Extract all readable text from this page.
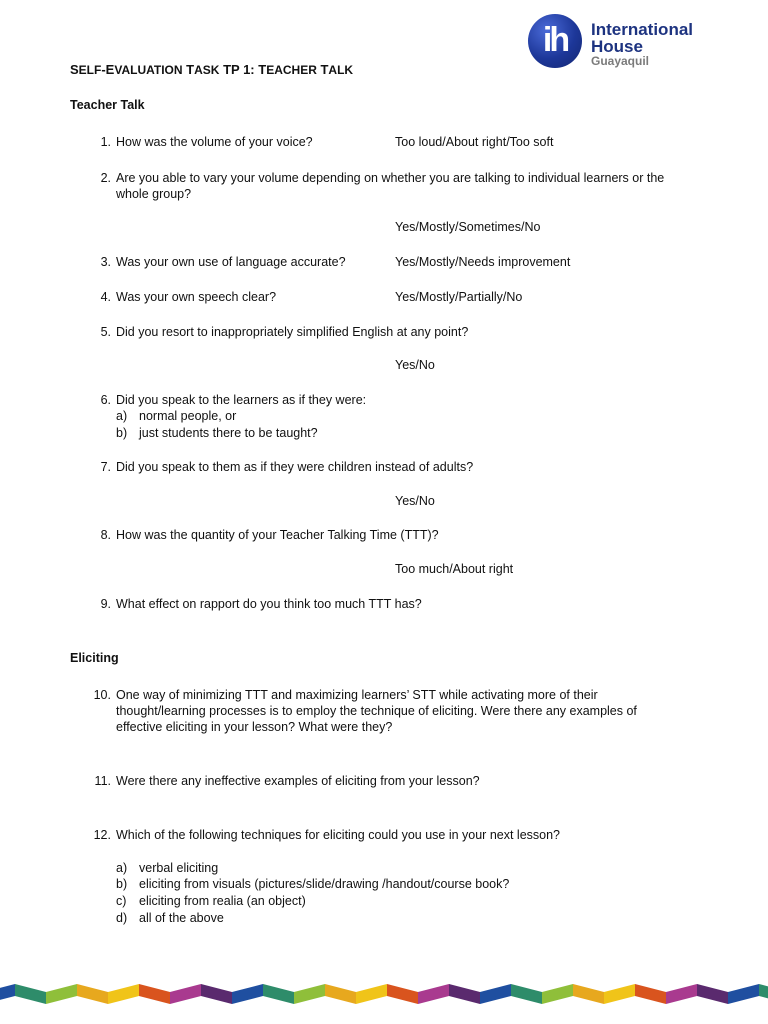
ih	International
House
Guayaquil
SELF-EVALUATION TASK TP 1: TEACHER TALK
Teacher Talk
1. How was the volume of your voice?	Too loud/About right/Too soft
2. Are you able to vary your volume depending on whether you are talking to individual learners or the
whole group?
Yes/Mostly/Sometimes/No
3. Was your own use of language accurate?	Yes/Mostly/Needs improvement
4. Was your own speech clear?	Yes/Mostly/Partially/No
5. Did you resort to inappropriately simplified English at any point?
Yes/No
6. Did you speak to the learners as if they were:
a) normal people, or
b) just students there to be taught?
7. Did you speak to them as if they were children instead of adults?
Yes/No
8. How was the quantity of your Teacher Talking Time (TTT)?
Too much/About right
9. What effect on rapport do you think too much TTT has?
Eliciting
10. One way of minimizing TTT and maximizing learners’ STT while activating more of their
thought/learning processes is to employ the technique of eliciting. Were there any examples of
effective eliciting in your lesson? What were they?
11. Were there any ineffective examples of eliciting from your lesson?
12. Which of the following techniques for eliciting could you use in your next lesson?
a) verbal eliciting
b) eliciting from visuals (pictures/slide/drawing /handout/course book?
c) eliciting from realia (an object)
d) all of the above
